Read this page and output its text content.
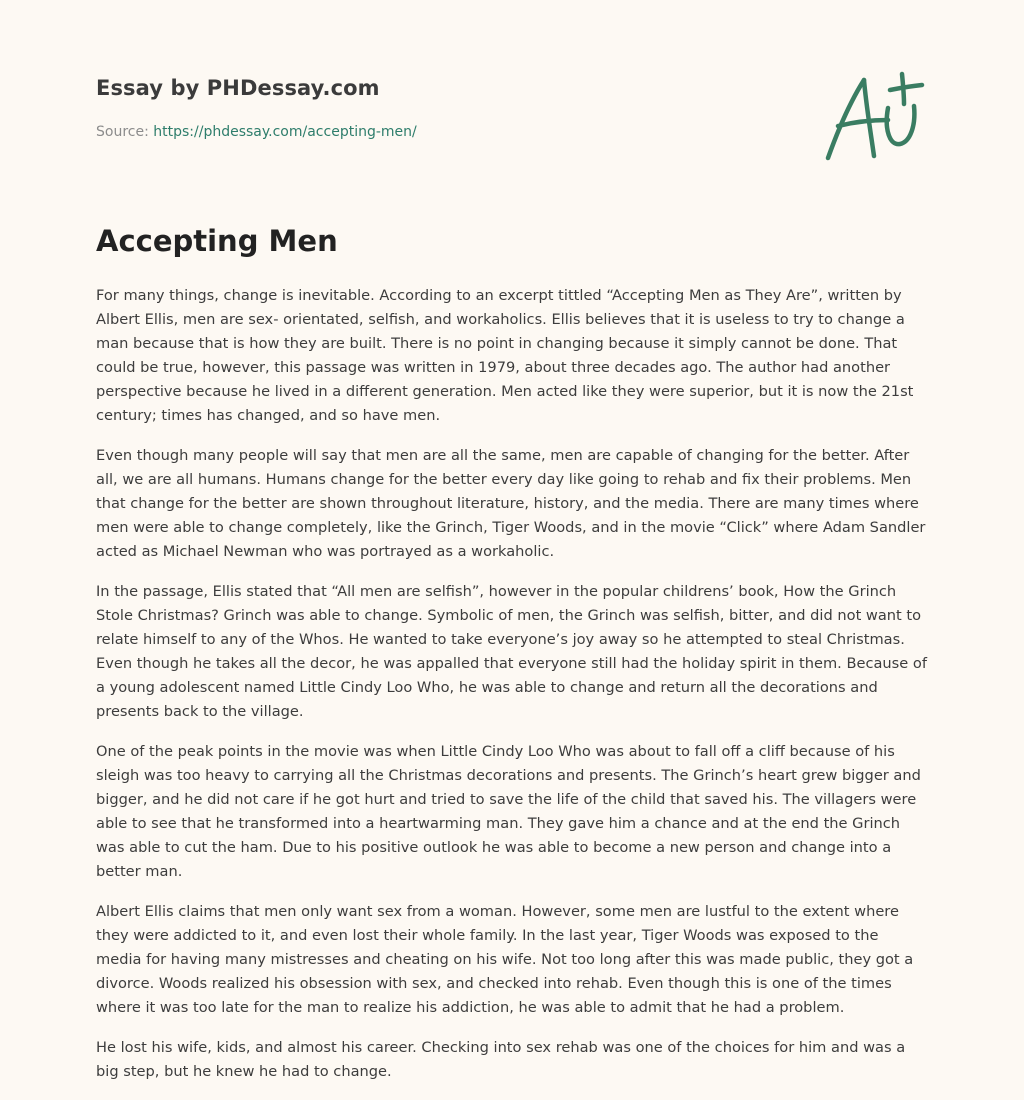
Essay by PHDessay.com
Source: https://phdessay.com/accepting-men/
Accepting Men

For many things, change is inevitable. According to an excerpt tittled “Accepting Men as They Are”, written by Albert Ellis, men are sex- orientated, selfish, and workaholics. Ellis believes that it is useless to try to change a man because that is how they are built. There is no point in changing because it simply cannot be done. That could be true, however, this passage was written in 1979, about three decades ago. The author had another perspective because he lived in a different generation. Men acted like they were superior, but it is now the 21st century; times has changed, and so have men.

Even though many people will say that men are all the same, men are capable of changing for the better. After all, we are all humans. Humans change for the better every day like going to rehab and fix their problems. Men that change for the better are shown throughout literature, history, and the media. There are many times where men were able to change completely, like the Grinch, Tiger Woods, and in the movie “Click” where Adam Sandler acted as Michael Newman who was portrayed as a workaholic.

In the passage, Ellis stated that “All men are selfish”, however in the popular childrens’ book, How the Grinch Stole Christmas? Grinch was able to change. Symbolic of men, the Grinch was selfish, bitter, and did not want to relate himself to any of the Whos. He wanted to take everyone’s joy away so he attempted to steal Christmas. Even though he takes all the decor, he was appalled that everyone still had the holiday spirit in them. Because of a young adolescent named Little Cindy Loo Who, he was able to change and return all the decorations and presents back to the village.

One of the peak points in the movie was when Little Cindy Loo Who was about to fall off a cliff because of his sleigh was too heavy to carrying all the Christmas decorations and presents. The Grinch’s heart grew bigger and bigger, and he did not care if he got hurt and tried to save the life of the child that saved his. The villagers were able to see that he transformed into a heartwarming man. They gave him a chance and at the end the Grinch was able to cut the ham. Due to his positive outlook he was able to become a new person and change into a better man.

Albert Ellis claims that men only want sex from a woman. However, some men are lustful to the extent where they were addicted to it, and even lost their whole family. In the last year, Tiger Woods was exposed to the media for having many mistresses and cheating on his wife. Not too long after this was made public, they got a divorce. Woods realized his obsession with sex, and checked into rehab. Even though this is one of the times where it was too late for the man to realize his addiction, he was able to admit that he had a problem.

He lost his wife, kids, and almost his career. Checking into sex rehab was one of the choices for him and was a big step, but he knew he had to change.
